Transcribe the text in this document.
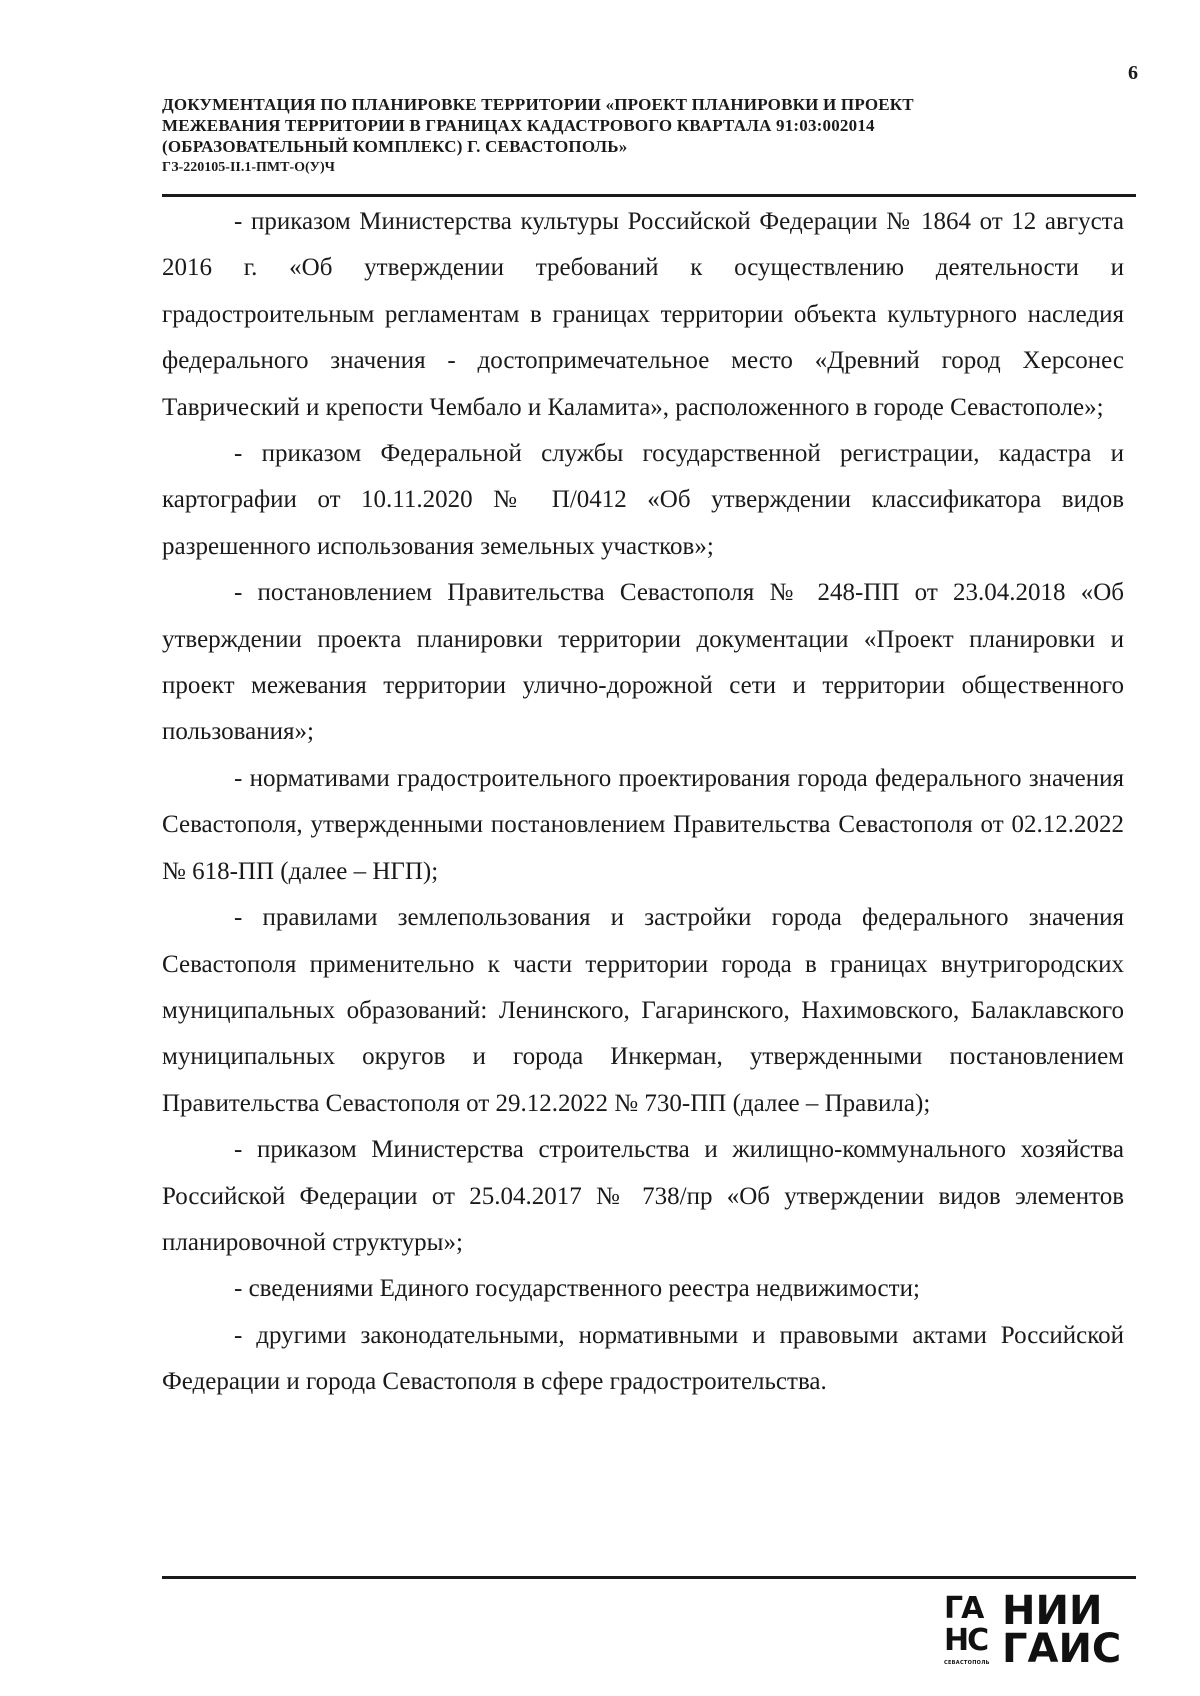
6
ДОКУМЕНТАЦИЯ ПО ПЛАНИРОВКЕ ТЕРРИТОРИИ «ПРОЕКТ ПЛАНИРОВКИ И ПРОЕКТ
МЕЖЕВАНИЯ ТЕРРИТОРИИ В ГРАНИЦАХ КАДАСТРОВОГО КВАРТАЛА 91:03:002014
(ОБРАЗОВАТЕЛЬНЫЙ КОМПЛЕКС) Г. СЕВАСТОПОЛЬ»
ГЗ-220105-II.1-ПМТ-О(У)Ч

- приказом Министерства культуры Российской Федерации № 1864 от 12 августа 2016 г. «Об утверждении требований к осуществлению деятельности и градостроительным регламентам в границах территории объекта культурного наследия федерального значения - достопримечательное место «Древний город Херсонес Таврический и крепости Чембало и Каламита», расположенного в городе Севастополе»;

- приказом Федеральной службы государственной регистрации, кадастра и картографии от 10.11.2020 № П/0412 «Об утверждении классификатора видов разрешенного использования земельных участков»;

- постановлением Правительства Севастополя № 248-ПП от 23.04.2018 «Об утверждении проекта планировки территории документации «Проект планировки и проект межевания территории улично-дорожной сети и территории общественного пользования»;

- нормативами градостроительного проектирования города федерального значения Севастополя, утвержденными постановлением Правительства Севастополя от 02.12.2022 № 618-ПП (далее – НГП);

- правилами землепользования и застройки города федерального значения Севастополя применительно к части территории города в границах внутригородских муниципальных образований: Ленинского, Гагаринского, Нахимовского, Балаклавского муниципальных округов и города Инкерман, утвержденными постановлением Правительства Севастополя от 29.12.2022 № 730-ПП (далее – Правила);

- приказом Министерства строительства и жилищно-коммунального хозяйства Российской Федерации от 25.04.2017 № 738/пр «Об утверждении видов элементов планировочной структуры»;

- сведениями Единого государственного реестра недвижимости;

- другими законодательными, нормативными и правовыми актами Российской Федерации и города Севастополя в сфере градостроительства.

ГА
НС
СЕВАСТОПОЛЬ
НИИ
ГАИС
